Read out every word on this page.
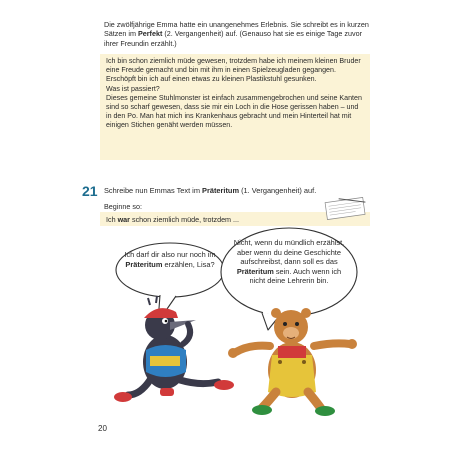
Die zwölfjährige Emma hatte ein unangenehmes Erlebnis. Sie schreibt es in kurzen Sätzen im Perfekt (2. Vergangenheit) auf. (Genauso hat sie es einige Tage zuvor ihrer Freundin erzählt.)

Ich bin schon ziemlich müde gewesen, trotzdem habe ich meinem kleinen Bruder eine Freude gemacht und bin mit ihm in einen Spielzeugladen gegangen.

Erschöpft bin ich auf einen etwas zu kleinen Plastikstuhl gesunken.

Was ist passiert?

Dieses gemeine Stuhlmonster ist einfach zusammengebrochen und seine Kanten sind so scharf gewesen, dass sie mir ein Loch in die Hose gerissen haben – und in den Po. Man hat mich ins Krankenhaus gebracht und mein Hinterteil hat mit einigen Stichen genäht werden müssen.

21 Schreibe nun Emmas Text im Präteritum (1. Vergangenheit) auf.
Beginne so:
Ich war schon ziemlich müde, trotzdem ...
Ich darf dir also nur noch im Präteritum erzählen, Lisa?
Nicht, wenn du mündlich erzählst, aber wenn du deine Geschichte aufschreibst, dann soll es das Präteritum sein. Auch wenn ich nicht deine Lehrerin bin.
20
